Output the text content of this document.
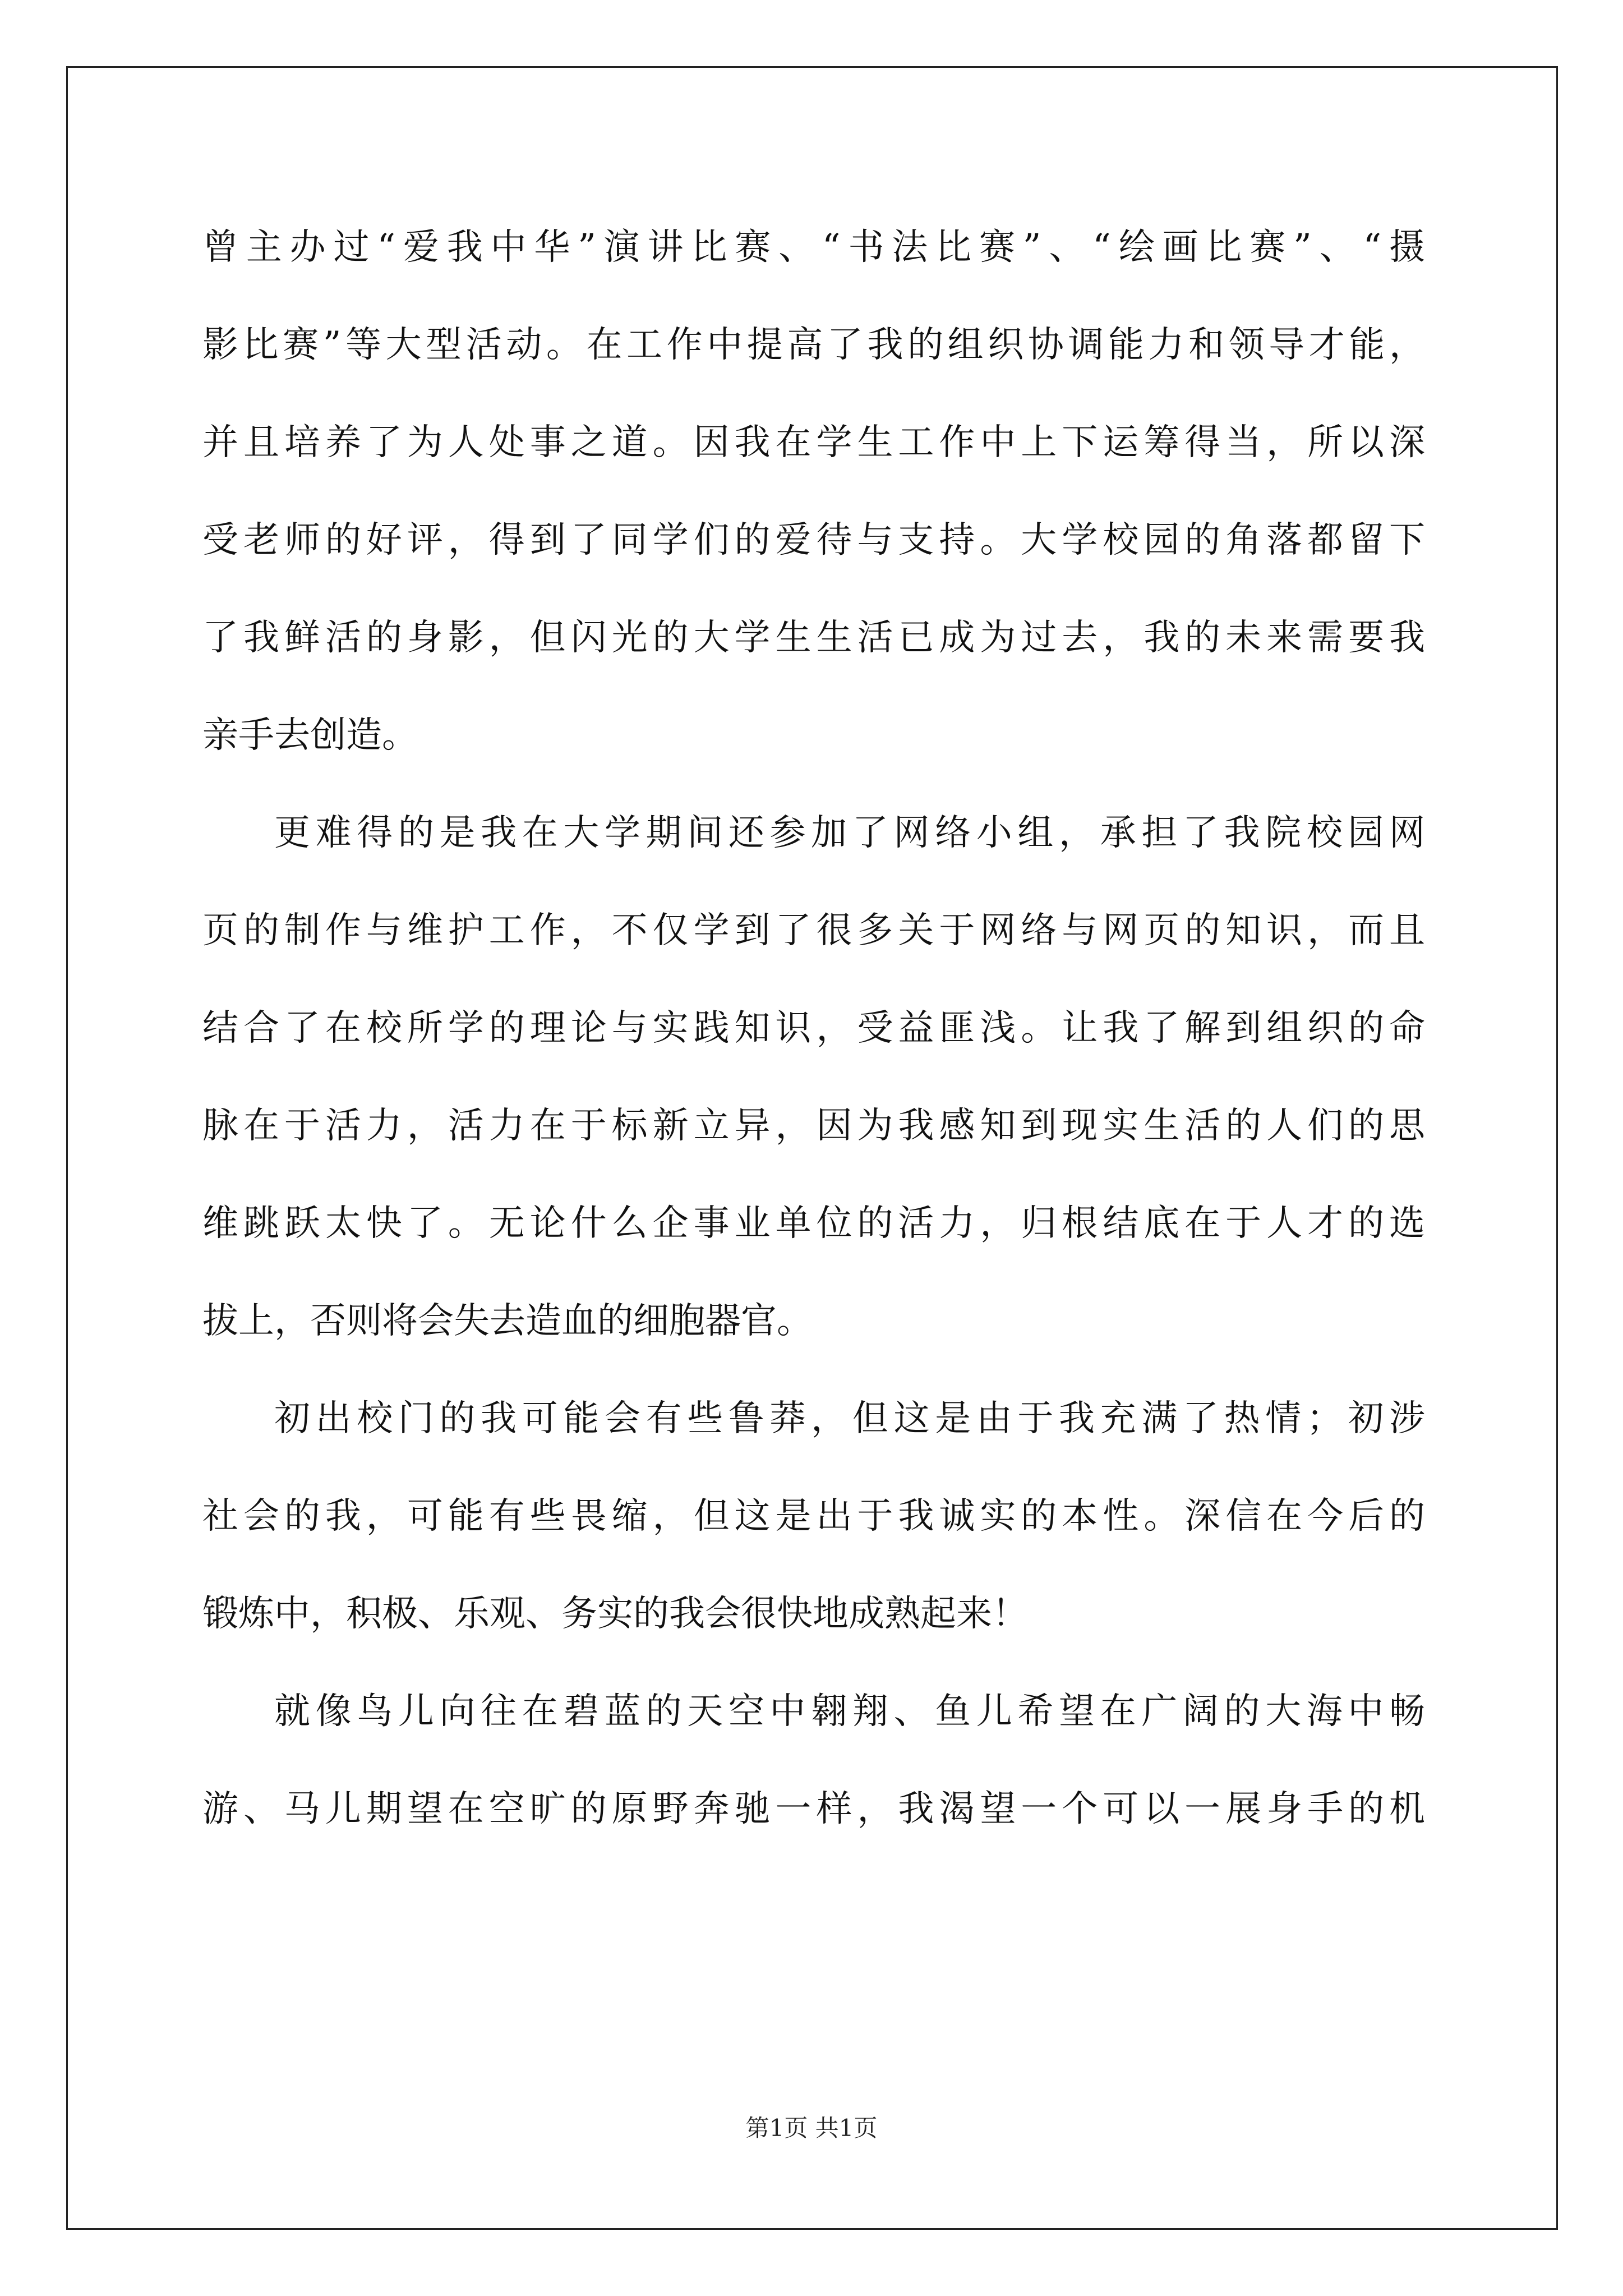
曾主办过“爱我中华”演讲比赛、“书法比赛”、“绘画比赛”、“摄
影比赛”等大型活动。在工作中提高了我的组织协调能力和领导才能，
并且培养了为人处事之道。因我在学生工作中上下运筹得当，所以深
受老师的好评，得到了同学们的爱待与支持。大学校园的角落都留下
了我鲜活的身影，但闪光的大学生生活已成为过去，我的未来需要我
亲手去创造。
更难得的是我在大学期间还参加了网络小组，承担了我院校园网
页的制作与维护工作，不仅学到了很多关于网络与网页的知识，而且
结合了在校所学的理论与实践知识，受益匪浅。让我了解到组织的命
脉在于活力，活力在于标新立异，因为我感知到现实生活的人们的思
维跳跃太快了。无论什么企事业单位的活力，归根结底在于人才的选
拔上，否则将会失去造血的细胞器官。
初出校门的我可能会有些鲁莽，但这是由于我充满了热情；初涉
社会的我，可能有些畏缩，但这是出于我诚实的本性。深信在今后的
锻炼中，积极、乐观、务实的我会很快地成熟起来！
就像鸟儿向往在碧蓝的天空中翱翔、鱼儿希望在广阔的大海中畅
游、马儿期望在空旷的原野奔驰一样，我渴望一个可以一展身手的机
第1页 共1页
